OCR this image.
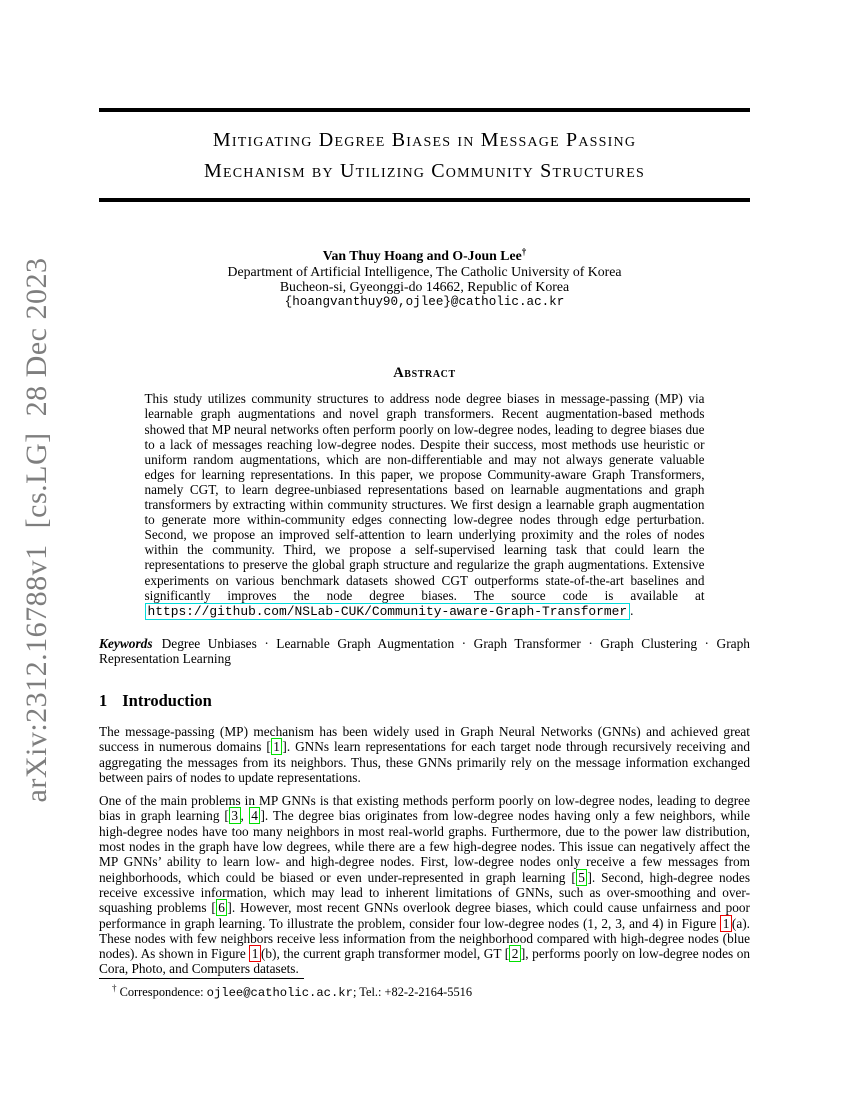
arXiv:2312.16788v1  [cs.LG]  28 Dec 2023
Mitigating Degree Biases in Message Passing
Mechanism by Utilizing Community Structures
Van Thuy Hoang and O-Joun Lee†
Department of Artificial Intelligence, The Catholic University of Korea
Bucheon-si, Gyeonggi-do 14662, Republic of Korea
{hoangvanthuy90,ojlee}@catholic.ac.kr
Abstract

This study utilizes community structures to address node degree biases in message-passing (MP) via learnable graph augmentations and novel graph transformers. Recent augmentation-based methods showed that MP neural networks often perform poorly on low-degree nodes, leading to degree biases due to a lack of messages reaching low-degree nodes. Despite their success, most methods use heuristic or uniform random augmentations, which are non-differentiable and may not always generate valuable edges for learning representations. In this paper, we propose Community-aware Graph Transformers, namely CGT, to learn degree-unbiased representations based on learnable augmentations and graph transformers by extracting within community structures. We first design a learnable graph augmentation to generate more within-community edges connecting low-degree nodes through edge perturbation. Second, we propose an improved self-attention to learn underlying proximity and the roles of nodes within the community. Third, we propose a self-supervised learning task that could learn the representations to preserve the global graph structure and regularize the graph augmentations. Extensive experiments on various benchmark datasets showed CGT outperforms state-of-the-art baselines and significantly improves the node degree biases. The source code is available at https://github.com/NSLab-CUK/Community-aware-Graph-Transformer .

Keywords Degree Unbiases · Learnable Graph Augmentation · Graph Transformer · Graph Clustering · Graph Representation Learning

1 Introduction

The message-passing (MP) mechanism has been widely used in Graph Neural Networks (GNNs) and achieved great success in numerous domains [ 1 ]. GNNs learn representations for each target node through recursively receiving and aggregating the messages from its neighbors. Thus, these GNNs primarily rely on the message information exchanged between pairs of nodes to update representations.

One of the main problems in MP GNNs is that existing methods perform poorly on low-degree nodes, leading to degree bias in graph learning [ 3 , 4 ]. The degree bias originates from low-degree nodes having only a few neighbors, while high-degree nodes have too many neighbors in most real-world graphs. Furthermore, due to the power law distribution, most nodes in the graph have low degrees, while there are a few high-degree nodes. This issue can negatively affect the MP GNNs’ ability to learn low- and high-degree nodes. First, low-degree nodes only receive a few messages from neighborhoods, which could be biased or even under-represented in graph learning [ 5 ]. Second, high-degree nodes receive excessive information, which may lead to inherent limitations of GNNs, such as over-smoothing and over-squashing problems [ 6 ]. However, most recent GNNs overlook degree biases, which could cause unfairness and poor performance in graph learning. To illustrate the problem, consider four low-degree nodes (1, 2, 3, and 4) in Figure 1 (a). These nodes with few neighbors receive less information from the neighborhood compared with high-degree nodes (blue nodes). As shown in Figure 1 (b), the current graph transformer model, GT [ 2 ], performs poorly on low-degree nodes on Cora, Photo, and Computers datasets.

† Correspondence: ojlee@catholic.ac.kr; Tel.: +82-2-2164-5516
